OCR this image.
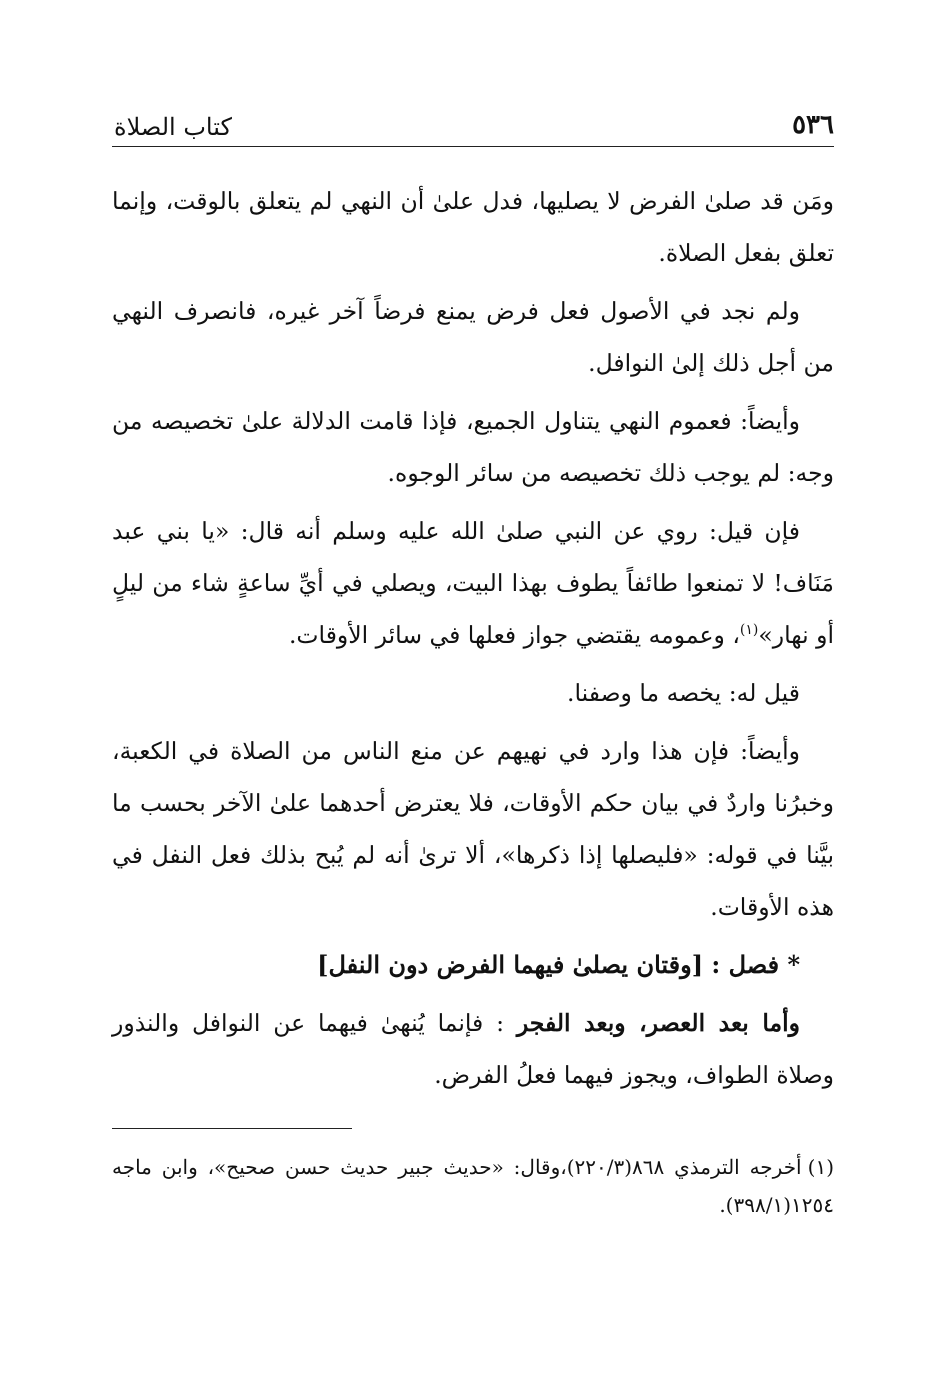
٥٣٦
كتاب الصلاة

ومَن قد صلىٰ الفرض لا يصليها، فدل علىٰ أن النهي لم يتعلق بالوقت، وإنما تعلق بفعل الصلاة.

ولم نجد في الأصول فعل فرض يمنع فرضاً آخر غيره، فانصرف النهي من أجل ذلك إلىٰ النوافل.

وأيضاً: فعموم النهي يتناول الجميع، فإذا قامت الدلالة علىٰ تخصيصه من وجه: لم يوجب ذلك تخصيصه من سائر الوجوه.

فإن قيل: روي عن النبي صلىٰ الله عليه وسلم أنه قال: «يا بني عبد مَنَاف! لا تمنعوا طائفاً يطوف بهذا البيت، ويصلي في أيِّ ساعةٍ شاء من ليلٍ أو نهار»$^{(١)}$، وعمومه يقتضي جواز فعلها في سائر الأوقات.

قيل له: يخصه ما وصفنا.

وأيضاً: فإن هذا وارد في نهيهم عن منع الناس من الصلاة في الكعبة، وخبرُنا واردٌ في بيان حكم الأوقات، فلا يعترض أحدهما علىٰ الآخر بحسب ما بيَّنا في قوله: «فليصلها إذا ذكرها»، ألا ترىٰ أنه لم يُبح بذلك فعل النفل في هذه الأوقات.

* فصل : [وقتان يصلىٰ فيهما الفرض دون النفل]

وأما بعد العصر، وبعد الفجر : فإنما يُنهىٰ فيهما عن النوافل والنذور وصلاة الطواف، ويجوز فيهما فعلُ الفرض.

(١)أخرجه الترمذي ٨٦٨(٢٢٠/٣)،وقال: «حديث جبير حديث حسن صحيح»، وابن ماجه ١٢٥٤(٣٩٨/١).
